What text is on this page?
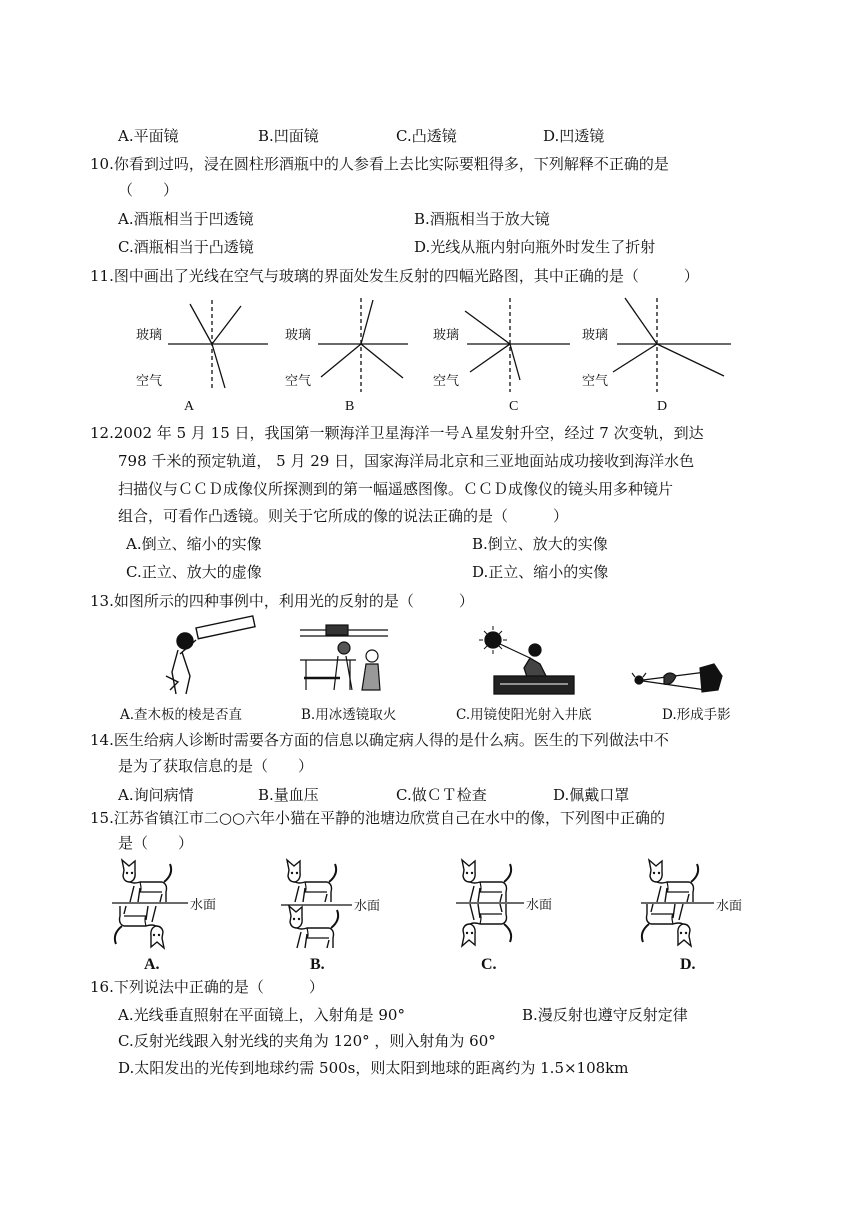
A.平面镜	B.凹面镜	C.凸透镜	D.凹透镜
10.你看到过吗，浸在圆柱形酒瓶中的人参看上去比实际要粗得多，下列解释不正确的是
（　　）
A.酒瓶相当于凹透镜	B.酒瓶相当于放大镜
C.酒瓶相当于凸透镜	D.光线从瓶内射向瓶外时发生了折射
11.图中画出了光线在空气与玻璃的界面处发生反射的四幅光路图，其中正确的是（　　　）
玻璃
空气
玻璃
空气
玻璃
空气
玻璃
空气
A	B	C	D
12.2002 年 5 月 15 日，我国第一颗海洋卫星海洋一号Ａ星发射升空，经过 7 次变轨，到达
798 千米的预定轨道， 5 月 29 日，国家海洋局北京和三亚地面站成功接收到海洋水色
扫描仪与ＣＣＤ成像仪所探测到的第一幅遥感图像。ＣＣＤ成像仪的镜头用多种镜片
组合，可看作凸透镜。则关于它所成的像的说法正确的是（　　　）
A.倒立、缩小的实像	B.倒立、放大的实像
C.正立、放大的虚像	D.正立、缩小的实像
13.如图所示的四种事例中，利用光的反射的是（　　　）
A.查木板的棱是否直	B.用冰透镜取火	C.用镜使阳光射入井底	D.形成手影
14.医生给病人诊断时需要各方面的信息以确定病人得的是什么病。医生的下列做法中不
是为了获取信息的是（　　）
A.询问病情	B.量血压	C.做ＣＴ检查	D.佩戴口罩
15.江苏省镇江市二○○六年小猫在平静的池塘边欣赏自己在水中的像，下列图中正确的
是（　　）
水面	水面	水面	水面
A.	B.	C.	D.
16.下列说法中正确的是（　　　）
A.光线垂直照射在平面镜上，入射角是 90°	B.漫反射也遵守反射定律
C.反射光线跟入射光线的夹角为 120° ，则入射角为 60°
D.太阳发出的光传到地球约需 500s，则太阳到地球的距离约为 1.5×108km
